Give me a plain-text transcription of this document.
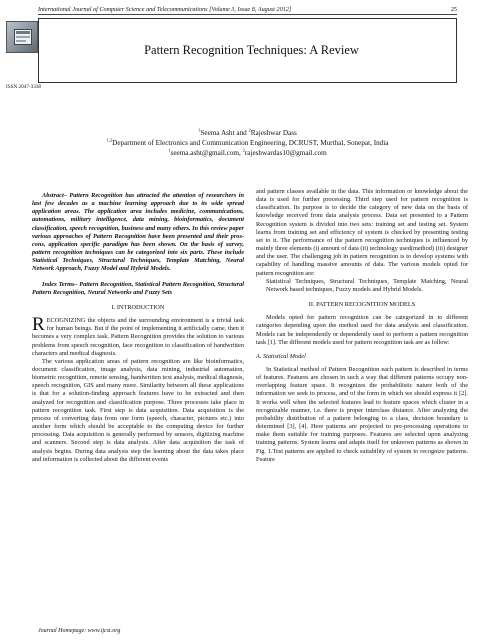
International Journal of Computer Science and Telecommunications [Volume 3, Issue 8, August 2012]	25
Pattern Recognition Techniques: A Review
ISSN 2047-3338
$^1$Seema Asht and $^2$Rajeshwar Dass
$^{1,2}$Department of Electronics and Communication Engineering, DCRUST, Murthal, Sonepat, India
$^1$seema.asht@gmail.com, $^2$rajeshwardas10@gmail.com

Abstract– Pattern Recognition has attracted the attention of researchers in last few decades as a machine learning approach due to its wide spread application areas. The application area includes medicine, communications, automations, military intelligence, data mining, bioinformatics, document classification, speech recognition, business and many others. In this review paper various approaches of Pattern Recognition have been presented and their pros-cons, application specific paradigm has been shown. On the basis of survey, pattern recognition techniques can be categorized into six parts. These include Statistical Techniques, Structural Techniques, Template Matching, Neural Network Approach, Fuzzy Model and Hybrid Models.

Index Terms– Pattern Recognition, Statistical Pattern Recognition, Structural Pattern Recognition, Neural Networks and Fuzzy Sets

I. INTRODUCTION

RECOGNIZING the objects and the surrounding environment is a trivial task for human beings. But if the point of implementing it artificially came, then it becomes a very complex task. Pattern Recognition provides the solution to various problems from speech recognition, face recognition to classification of handwritten characters and medical diagnosis.

The various application areas of pattern recognition are like bioinformatics, document classification, image analysis, data mining, industrial automation, biometric recognition, remote sensing, handwritten text analysis, medical diagnosis, speech recognition, GIS and many more. Similarity between all these applications is that for a solution-finding approach features have to be extracted and then analyzed for recognition and classification purpose. Three processes take place in pattern recognition task. First step is data acquisition. Data acquisition is the process of converting data from one form (speech, character, pictures etc.) into another form which should be acceptable to the computing device for further processing. Data acquisition is generally performed by sensors, digitizing machine and scanners. Second step is data analysis. After data acquisition the task of analysis begins. During data analysis step the learning about the data takes place and information is collected about the different events

and pattern classes available in the data. This information or knowledge about the data is used for further processing. Third step used for pattern recognition is classification. Its purpose is to decide the category of new data on the basis of knowledge received from data analysis process. Data set presented to a Pattern Recognition system is divided into two sets: training set and testing set. System learns from training set and efficiency of system is checked by presenting testing set to it. The performance of the pattern recognition techniques is influenced by mainly three elements (i) amount of data (ii) technology used(method) (iii) designer and the user. The challenging job in pattern recognition is to develop systems with capability of handling massive amounts of data. The various models opted for pattern recognition are:

Statistical Techniques, Structural Techniques, Template Matching, Neural Network based techniques, Fuzzy models and Hybrid Models.

II. PATTERN RECOGNITION MODELS

Models opted for pattern recognition can be categorized in to different categories depending upon the method used for data analysis and classification. Models can be independently or dependently used to perform a pattern recognition task [1]. The different models used for pattern recognition task are as follow:

A. Statistical Model

In Statistical method of Pattern Recognition each pattern is described in terms of features. Features are chosen in such a way that different patterns occupy non-overlapping feature space. It recognizes the probabilistic nature both of the information we seek to process, and of the form in which we should express it [2]. It works well when the selected features lead to feature spaces which cluster in a recognizable manner, i.e. there is proper interclass distance. After analyzing the probability distribution of a pattern belonging to a class, decision boundary is determined [3], [4]. Here patterns are projected to pre-processing operations to make them suitable for training purposes. Features are selected upon analyzing training patterns. System learns and adapts itself for unknown patterns as shown in Fig. 1.Test patterns are applied to check suitability of system to recognize patterns. Feature

Journal Homepage: www.ijcst.org
